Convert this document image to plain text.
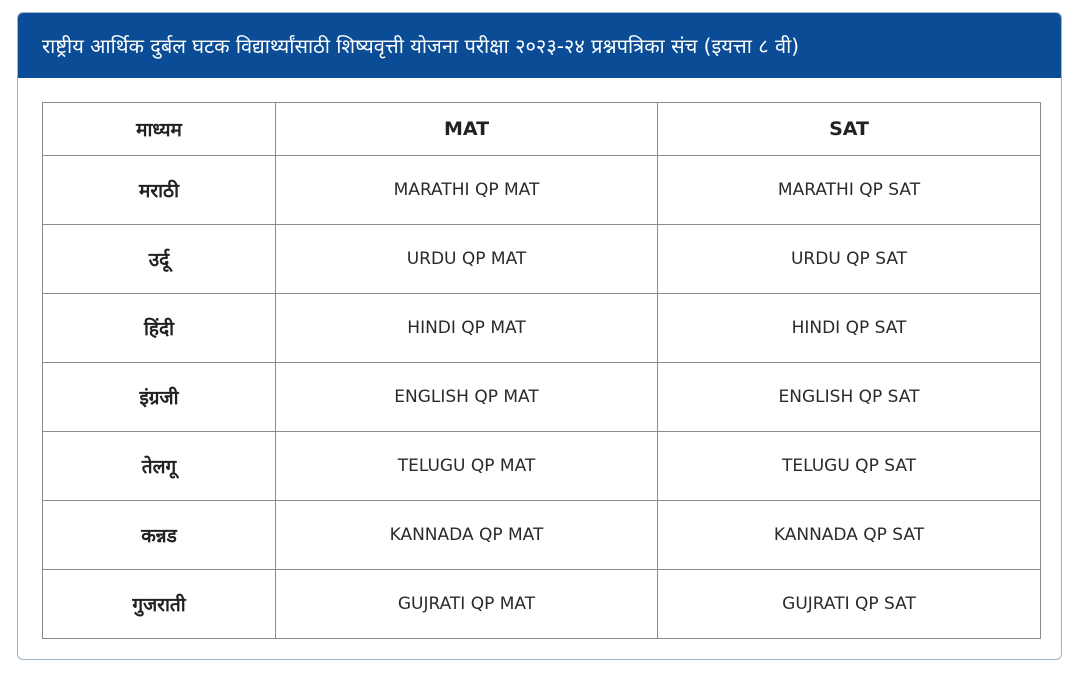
राष्ट्रीय आर्थिक दुर्बल घटक विद्यार्थ्यांसाठी शिष्यवृत्ती योजना परीक्षा २०२३-२४ प्रश्नपत्रिका संच (इयत्ता ८ वी)
माध्यम	MAT	SAT
मराठी	MARATHI QP MAT	MARATHI QP SAT
उर्दू	URDU QP MAT	URDU QP SAT
हिंदी	HINDI QP MAT	HINDI QP SAT
इंग्रजी	ENGLISH QP MAT	ENGLISH QP SAT
तेलगू	TELUGU QP MAT	TELUGU QP SAT
कन्नड	KANNADA QP MAT	KANNADA QP SAT
गुजराती	GUJRATI QP MAT	GUJRATI QP SAT
